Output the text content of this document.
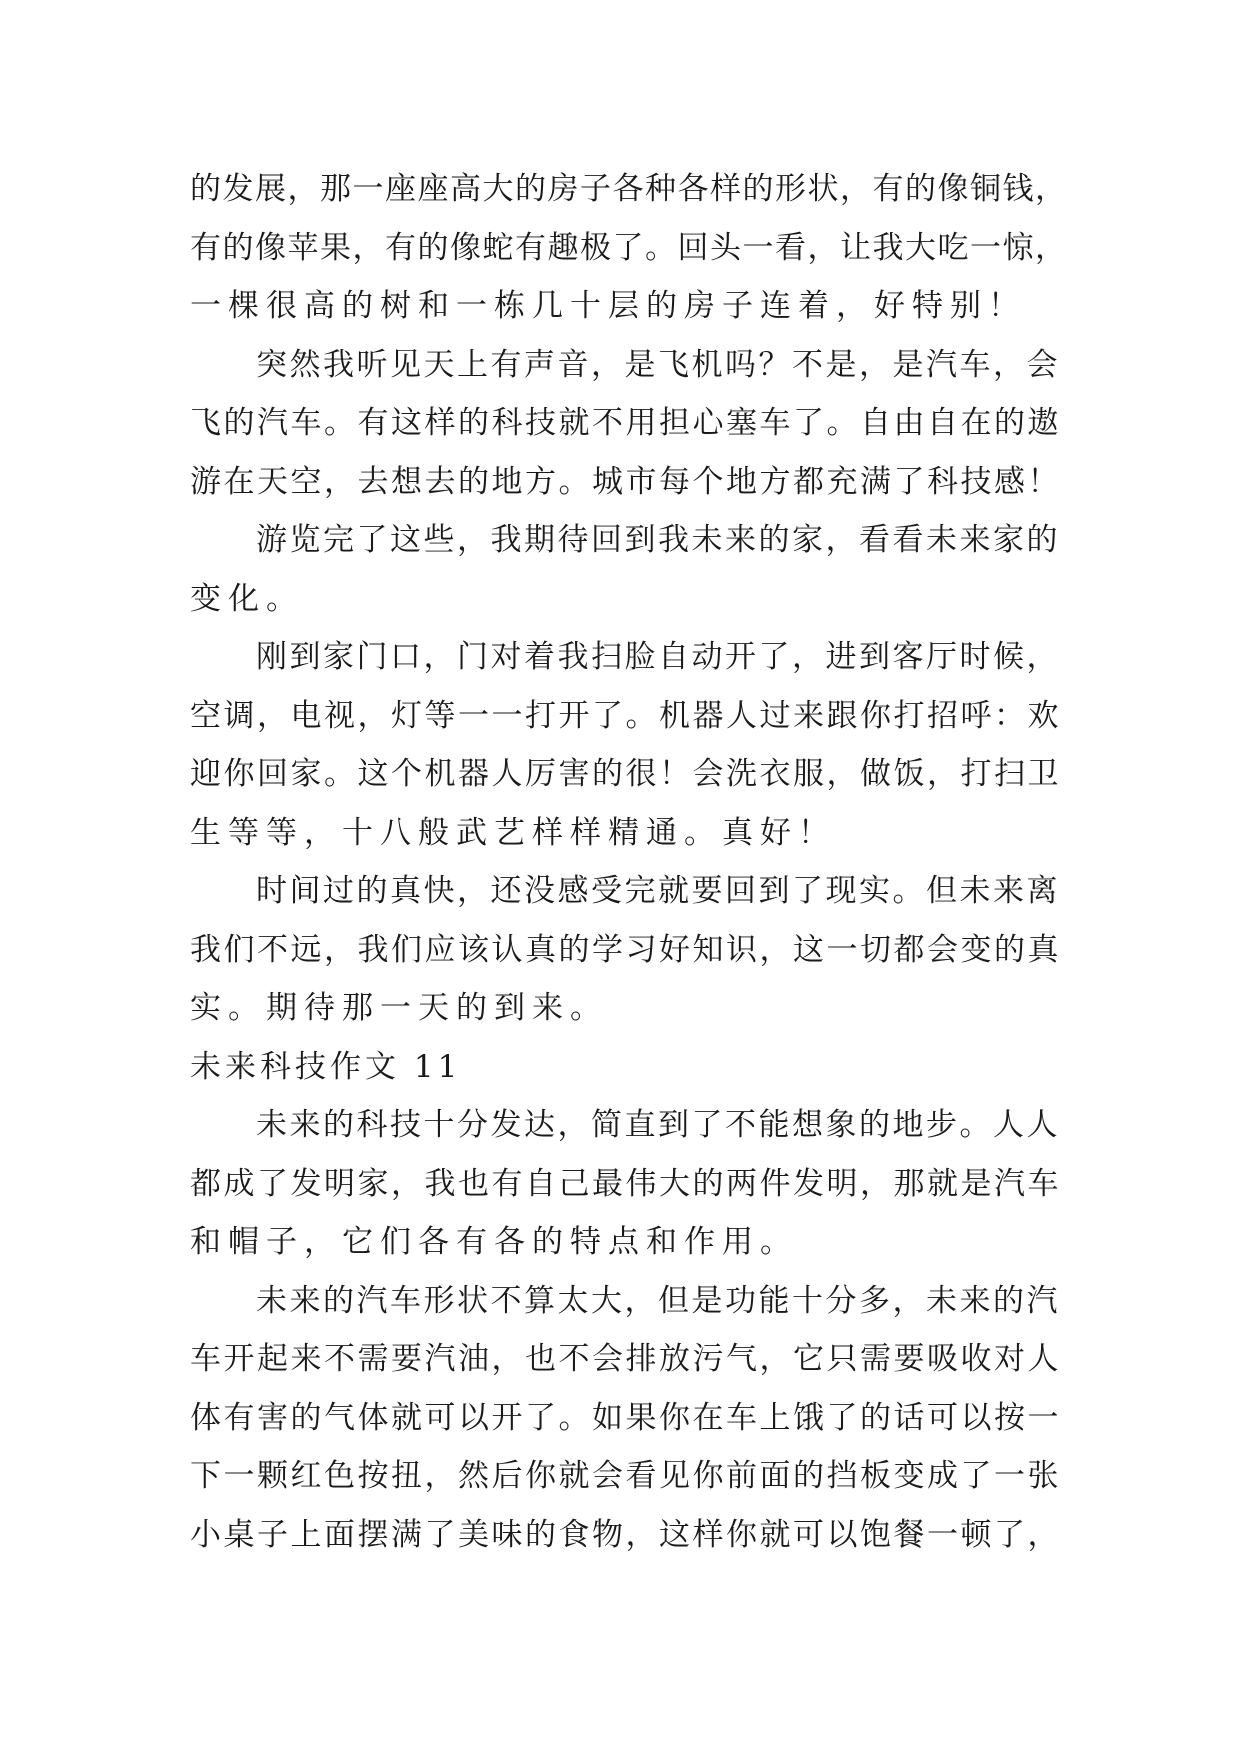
的发展，那一座座高大的房子各种各样的形状，有的像铜钱，
有的像苹果，有的像蛇有趣极了。回头一看，让我大吃一惊，
一棵很高的树和一栋几十层的房子连着，好特别！
突然我听见天上有声音，是飞机吗？不是，是汽车，会
飞的汽车。有这样的科技就不用担心塞车了。自由自在的遨
游在天空，去想去的地方。城市每个地方都充满了科技感！
游览完了这些，我期待回到我未来的家，看看未来家的
变化。
刚到家门口，门对着我扫脸自动开了，进到客厅时候，
空调，电视，灯等一一打开了。机器人过来跟你打招呼：欢
迎你回家。这个机器人厉害的很！会洗衣服，做饭，打扫卫
生等等，十八般武艺样样精通。真好！
时间过的真快，还没感受完就要回到了现实。但未来离
我们不远，我们应该认真的学习好知识，这一切都会变的真
实。期待那一天的到来。
未来科技作文 11
未来的科技十分发达，简直到了不能想象的地步。人人
都成了发明家，我也有自己最伟大的两件发明，那就是汽车
和帽子，它们各有各的特点和作用。
未来的汽车形状不算太大，但是功能十分多，未来的汽
车开起来不需要汽油，也不会排放污气，它只需要吸收对人
体有害的气体就可以开了。如果你在车上饿了的话可以按一
下一颗红色按扭，然后你就会看见你前面的挡板变成了一张
小桌子上面摆满了美味的食物，这样你就可以饱餐一顿了，
